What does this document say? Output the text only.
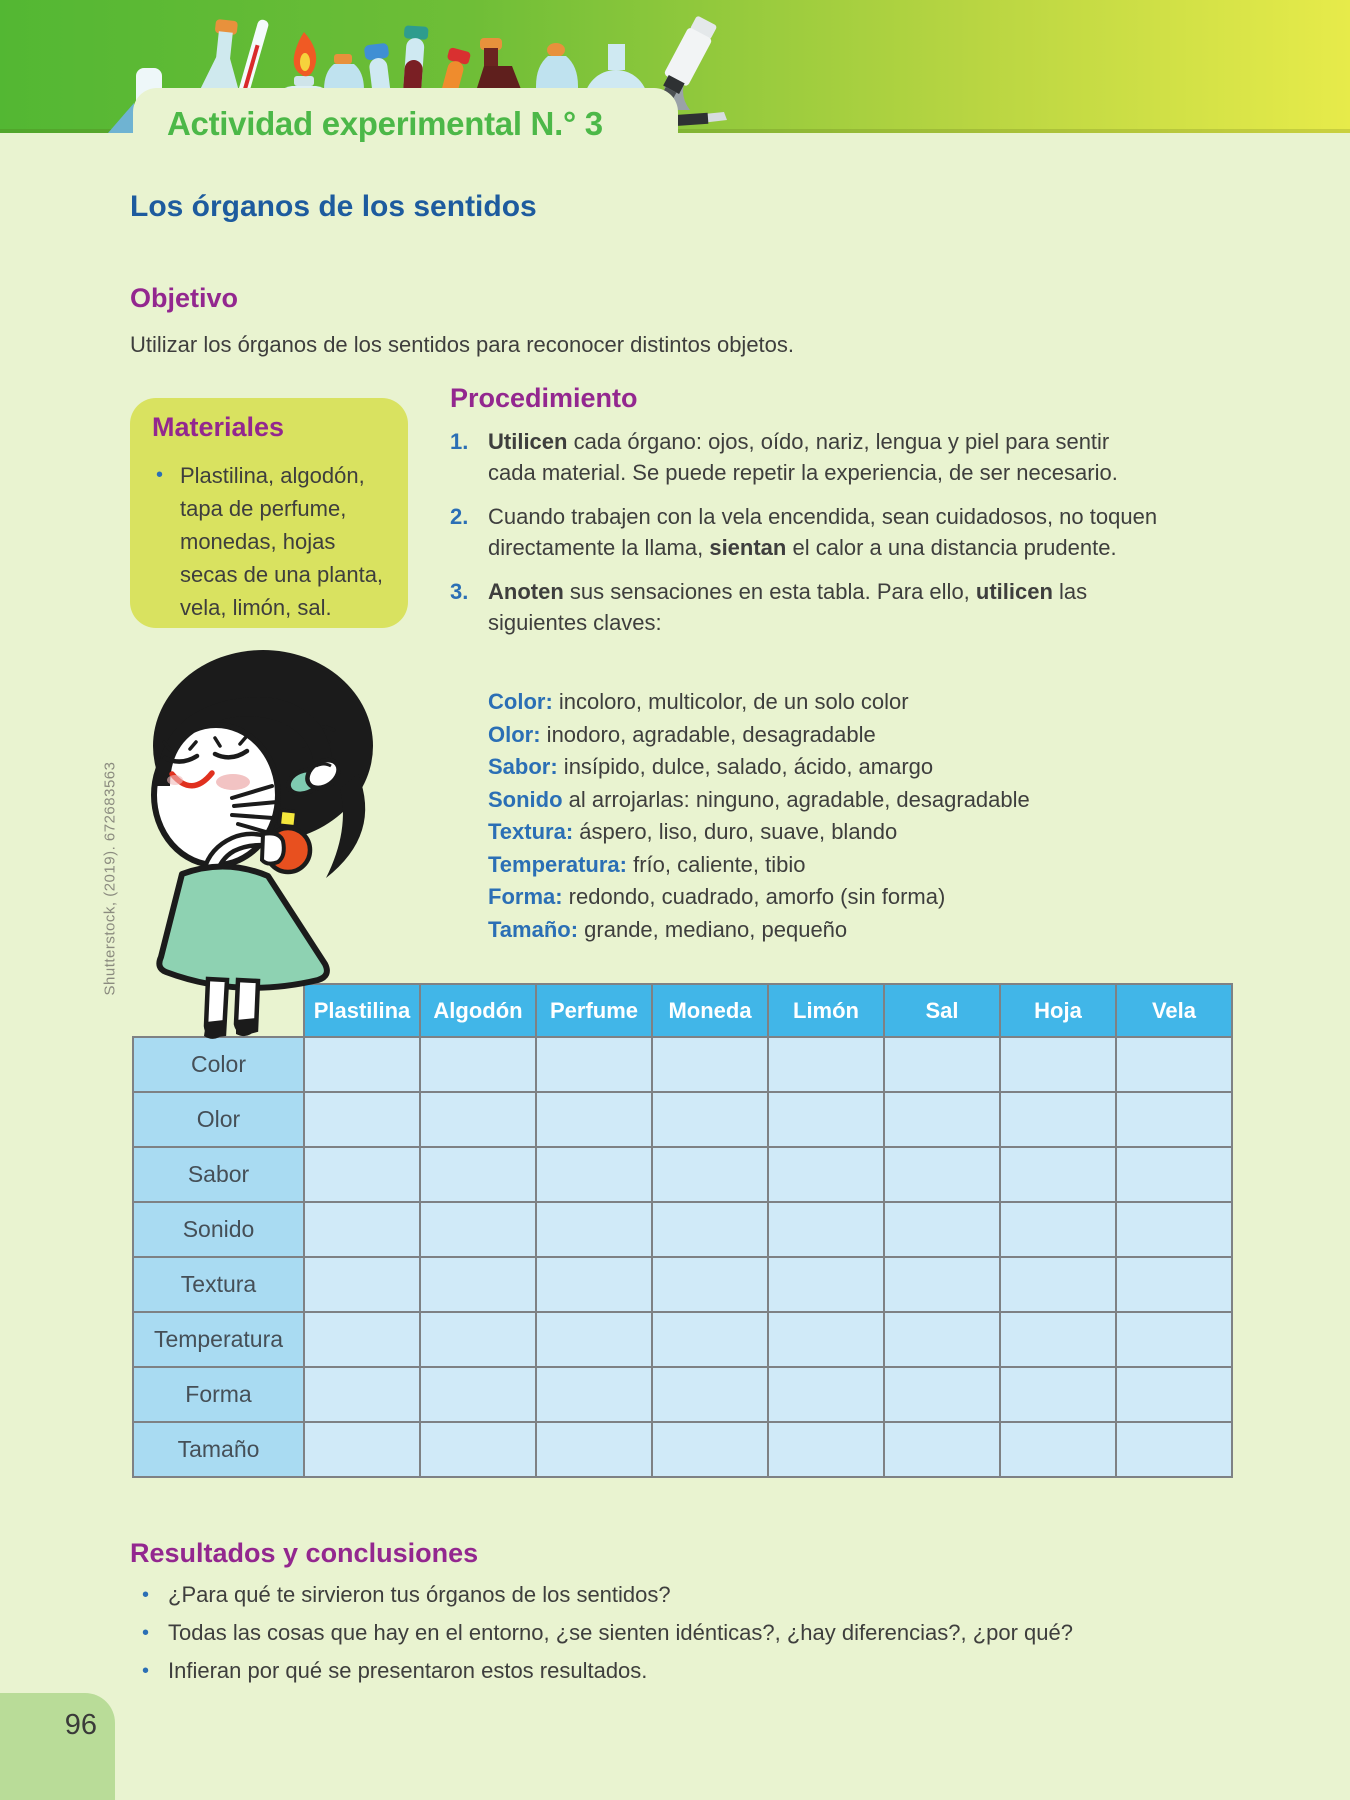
Actividad experimental N.° 3
Los órganos de los sentidos
Objetivo
Utilizar los órganos de los sentidos para reconocer distintos objetos.
Materiales
• Plastilina, algodón, tapa de perfume, monedas, hojas secas de una planta, vela, limón, sal.
Procedimiento
1. Utilicen cada órgano: ojos, oído, nariz, lengua y piel para sentir cada material. Se puede repetir la experiencia, de ser necesario.
2. Cuando trabajen con la vela encendida, sean cuidadosos, no toquen directamente la llama, sientan el calor a una distancia prudente.
3. Anoten sus sensaciones en esta tabla. Para ello, utilicen las siguientes claves:
Color: incoloro, multicolor, de un solo color
Olor: inodoro, agradable, desagradable
Sabor: insípido, dulce, salado, ácido, amargo
Sonido al arrojarlas: ninguno, agradable, desagradable
Textura: áspero, liso, duro, suave, blando
Temperatura: frío, caliente, tibio
Forma: redondo, cuadrado, amorfo (sin forma)
Tamaño: grande, mediano, pequeño
Shutterstock, (2019). 672683563
	Plastilina	Algodón	Perfume	Moneda	Limón	Sal	Hoja	Vela
Color								
Olor								
Sabor								
Sonido								
Textura								
Temperatura								
Forma								
Tamaño								
Resultados y conclusiones
• ¿Para qué te sirvieron tus órganos de los sentidos?
• Todas las cosas que hay en el entorno, ¿se sienten idénticas?, ¿hay diferencias?, ¿por qué?
• Infieran por qué se presentaron estos resultados.
96
